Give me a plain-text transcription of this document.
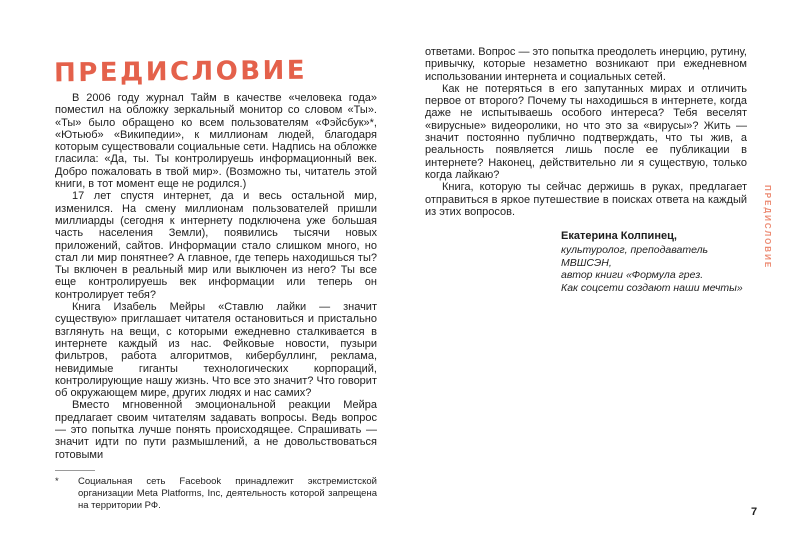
ПРЕДИСЛОВИЕ

В 2006 году журнал Тайм в качестве «человека года» поместил на обложку зеркальный монитор со словом «Ты». «Ты» было обращено ко всем пользователям «Фэйсбук»*, «Ютьюб» «Википедии», к миллионам людей, благодаря которым существовали социальные сети. Надпись на обложке гласила: «Да, ты. Ты контролируешь информационный век. Добро пожаловать в твой мир». (Возможно ты, читатель этой книги, в тот момент еще не родился.)

17 лет спустя интернет, да и весь остальной мир, изменился. На смену миллионам пользователей пришли миллиарды (сегодня к интернету подключена уже большая часть населения Земли), появились тысячи новых приложений, сайтов. Информации стало слишком много, но стал ли мир понятнее? А главное, где теперь находишься ты? Ты включен в реальный мир или выключен из него? Ты все еще контролируешь век информации или теперь он контролирует тебя?

Книга Изабель Мейры «Ставлю лайки — значит существую» приглашает читателя остановиться и пристально взглянуть на вещи, с которыми ежедневно сталкивается в интернете каждый из нас. Фейковые новости, пузыри фильтров, работа алгоритмов, кибербуллинг, реклама, невидимые гиганты технологических корпораций, контролирующие нашу жизнь. Что все это значит? Что говорит об окружающем мире, других людях и нас самих?

Вместо мгновенной эмоциональной реакции Мейра предлагает своим читателям задавать вопросы. Ведь вопрос — это попытка лучше понять происходящее. Спрашивать — значит идти по пути размышлений, а не довольствоваться готовыми

ответами. Вопрос — это попытка преодолеть инерцию, рутину, привычку, которые незаметно возникают при ежедневном использовании интернета и социальных сетей.

Как не потеряться в его запутанных мирах и отличить первое от второго? Почему ты находишься в интернете, когда даже не испытываешь особого интереса? Тебя веселят «вирусные» видеоролики, но что это за «вирусы»? Жить — значит постоянно публично подтверждать, что ты жив, а реальность появляется лишь после ее публикации в интернете? Наконец, действительно ли я существую, только когда лайкаю?

Книга, которую ты сейчас держишь в руках, предлагает отправиться в яркое путешествие в поисках ответа на каждый из этих вопросов.

Екатерина Колпинец,

культуролог, преподаватель МВШСЭН,

автор книги «Формула грез.

Как соцсети создают наши мечты»

*	Социальная сеть Facebook принадлежит экстремистской организации Meta Platforms, Inc, деятельность которой запрещена на территории РФ.
ПРЕДИСЛОВИЕ
7
